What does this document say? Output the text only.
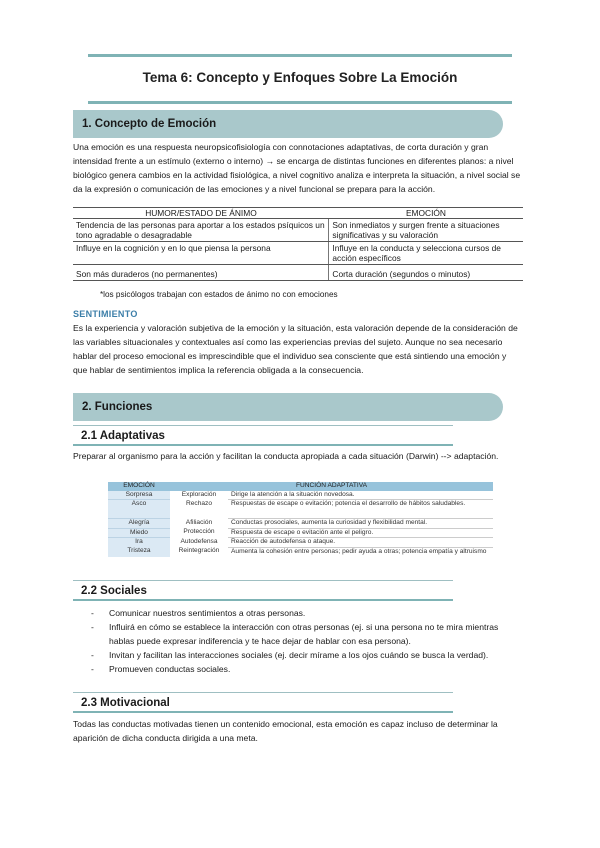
Tema 6: Concepto y Enfoques Sobre La Emoción
1. Concepto de Emoción

Una emoción es una respuesta neuropsicofisiología con connotaciones adaptativas, de corta duración y gran intensidad frente a un estímulo (externo o interno) → se encarga de distintas funciones en diferentes planos: a nivel biológico genera cambios en la actividad fisiológica, a nivel cognitivo analiza e interpreta la situación, a nivel social se da la expresión o comunicación de las emociones y a nivel funcional se prepara para la acción.

HUMOR/ESTADO DE ÁNIMO	EMOCIÓN
Tendencia de las personas para aportar a los estados psíquicos un tono agradable o desagradable	Son inmediatos y surgen frente a situaciones significativas y su valoración
Influye en la cognición y en lo que piensa la persona	Influye en la conducta y selecciona cursos de acción específicos
Son más duraderos (no permanentes)	Corta duración (segundos o minutos)
*los psicólogos trabajan con estados de ánimo no con emociones
SENTIMIENTO

Es la experiencia y valoración subjetiva de la emoción y la situación, esta valoración depende de la consideración de las variables situacionales y contextuales así como las experiencias previas del sujeto. Aunque no sea necesario hablar del proceso emocional es imprescindible que el individuo sea consciente que está sintiendo una emoción y que hablar de sentimientos implica la referencia obligada a la consecuencia.

2. Funciones
2.1 Adaptativas

Preparar al organismo para la acción y facilitan la conducta apropiada a cada situación (Darwin) --> adaptación.

EMOCIÓN	FUNCIÓN ADAPTATIVA	
Sorpresa	Exploración	Dirige la atención a la situación novedosa.
Asco	Rechazo	Respuestas de escape o evitación; potencia el desarrollo de hábitos saludables.
Alegría	Afiliación	Conductas prosociales, aumenta la curiosidad y flexibilidad mental.
Miedo	Protección	Respuesta de escape o evitación ante el peligro.
Ira	Autodefensa	Reacción de autodefensa o ataque.
Tristeza	Reintegración	Aumenta la cohesión entre personas; pedir ayuda a otras; potencia empatía y altruismo
2.2 Sociales
- Comunicar nuestros sentimientos a otras personas.
- Influirá en cómo se establece la interacción con otras personas (ej. si una persona no te mira mientras hablas puede expresar indiferencia y te hace dejar de hablar con esa persona).
- Invitan y facilitan las interacciones sociales (ej. decir mírame a los ojos cuándo se busca la verdad).
- Promueven conductas sociales.
2.3 Motivacional

Todas las conductas motivadas tienen un contenido emocional, esta emoción es capaz incluso de determinar la aparición de dicha conducta dirigida a una meta.
